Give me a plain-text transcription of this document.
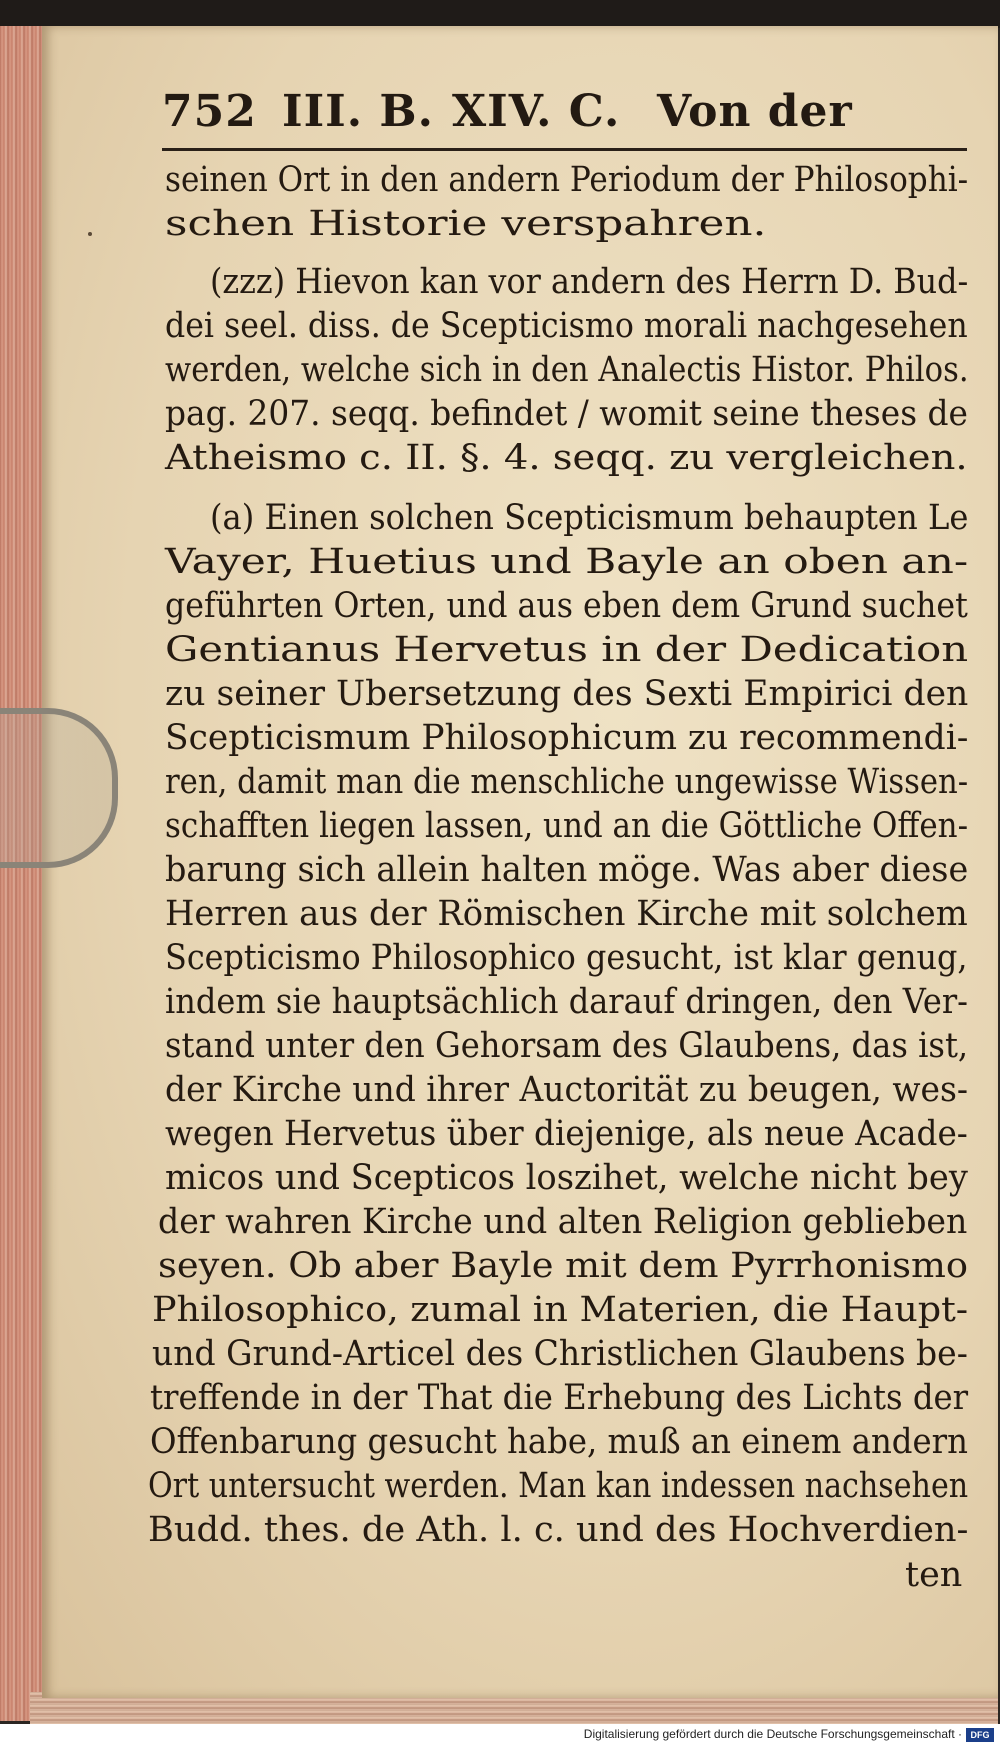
752 III. B. XIV. C. Von der
seinen Ort in den andern Periodum der Philosophi-
schen Historie verspahren.
(zzz) Hievon kan vor andern des Herrn D. Bud-
dei seel. diss. de Scepticismo morali nachgesehen
werden, welche sich in den Analectis Histor. Philos.
pag. 207. seqq. befindet / womit seine theses de
Atheismo c. II. §. 4. seqq. zu vergleichen.
(a) Einen solchen Scepticismum behaupten Le
Vayer, Huetius und Bayle an oben an-
geführten Orten, und aus eben dem Grund suchet
Gentianus Hervetus in der Dedication
zu seiner Ubersetzung des Sexti Empirici den
Scepticismum Philosophicum zu recommendi-
ren, damit man die menschliche ungewisse Wissen-
schafften liegen lassen, und an die Göttliche Offen-
barung sich allein halten möge. Was aber diese
Herren aus der Römischen Kirche mit solchem
Scepticismo Philosophico gesucht, ist klar genug,
indem sie hauptsächlich darauf dringen, den Ver-
stand unter den Gehorsam des Glaubens, das ist,
der Kirche und ihrer Auctorität zu beugen, wes-
wegen Hervetus über diejenige, als neue Acade-
micos und Scepticos loszihet, welche nicht bey
der wahren Kirche und alten Religion geblieben
seyen. Ob aber Bayle mit dem Pyrrhonismo
Philosophico, zumal in Materien, die Haupt-
und Grund-Articel des Christlichen Glaubens be-
treffende in der That die Erhebung des Lichts der
Offenbarung gesucht habe, muß an einem andern
Ort untersucht werden. Man kan indessen nachsehen
Budd. thes. de Ath. l. c. und des Hochverdien-
ten
Digitalisierung gefördert durch die Deutsche Forschungsgemeinschaft · DFG
